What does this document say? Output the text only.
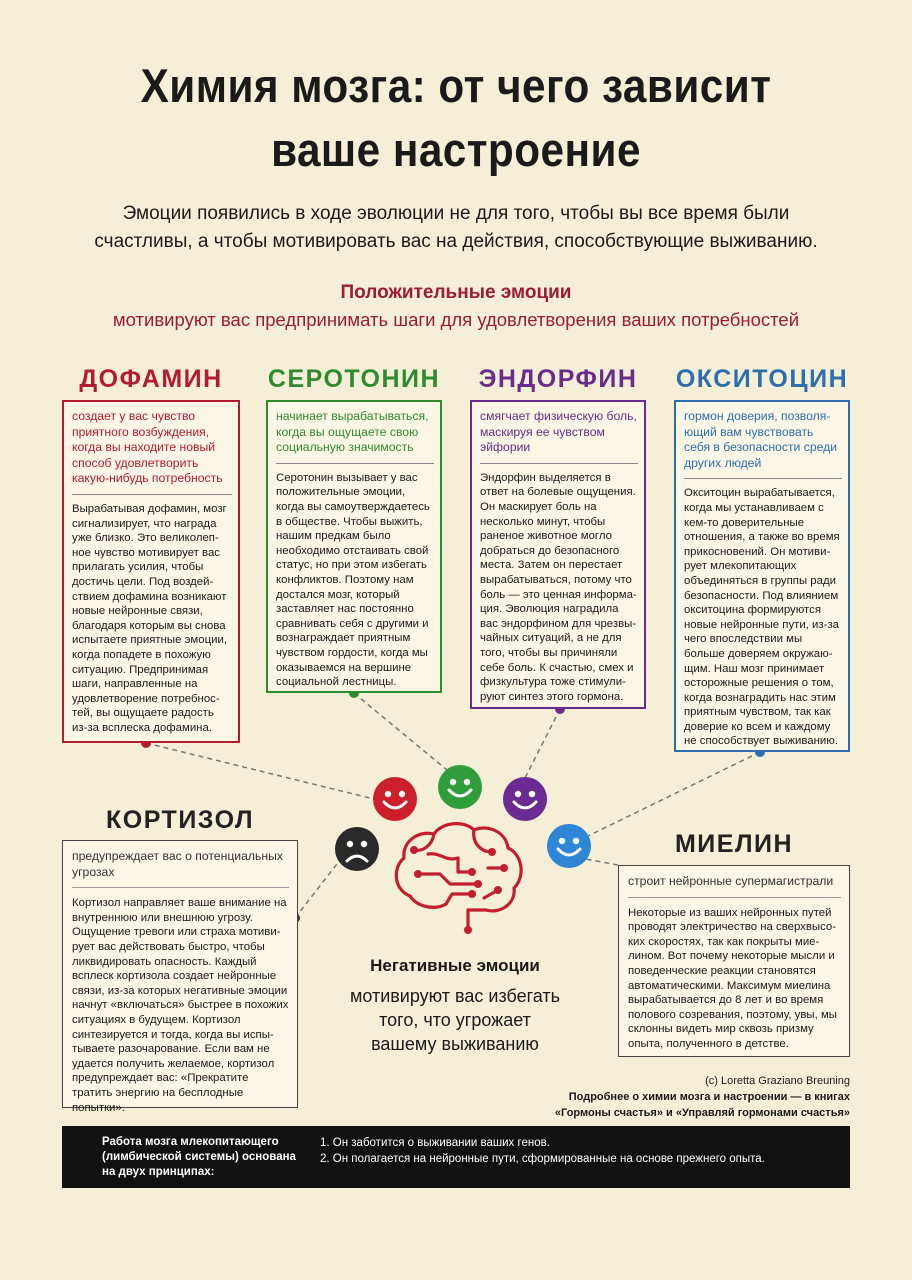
Химия мозга: от чего зависит
ваше настроение
Эмоции появились в ходе эволюции не для того, чтобы вы все время были
счастливы, а чтобы мотивировать вас на действия, способствующие выживанию.
Положительные эмоции
мотивируют вас предпринимать шаги для удовлетворения ваших потребностей
ДОФАМИН	СЕРОТОНИН	ЭНДОРФИН	ОКСИТОЦИН
создает у вас чувство приятного возбуждения, когда вы находите новый способ удовлетворить какую-нибудь потребность
Вырабатывая дофамин, мозг сигнализирует, что награда уже близко. Это великолеп-ное чувство мотивирует вас прилагать усилия, чтобы достичь цели. Под воздей-ствием дофамина возникают новые нейронные связи, благодаря которым вы снова испытаете приятные эмоции, когда попадете в похожую ситуацию. Предпринимая шаги, направленные на удовлетворение потребнос-тей, вы ощущаете радость из-за всплеска дофамина.
начинает вырабатываться, когда вы ощущаете свою социальную значимость
Серотонин вызывает у вас положительные эмоции, когда вы самоутверждаетесь в обществе. Чтобы выжить, нашим предкам было необходимо отстаивать свой статус, но при этом избегать конфликтов. Поэтому нам достался мозг, который заставляет нас постоянно сравнивать себя с другими и вознаграждает приятным чувством гордости, когда мы оказываемся на вершине социальной лестницы.
смягчает физическую боль, маскируя ее чувством эйфории
Эндорфин выделяется в ответ на болевые ощущения. Он маскирует боль на несколько минут, чтобы раненое животное могло добраться до безопасного места. Затем он перестает вырабатываться, потому что боль — это ценная информа-ция. Эволюция наградила вас эндорфином для чрезвы-чайных ситуаций, а не для того, чтобы вы причиняли себе боль. К счастью, смех и физкультура тоже стимули-руют синтез этого гормона.
гормон доверия, позволя-ющий вам чувствовать себя в безопасности среди других людей
Окситоцин вырабатывается, когда мы устанавливаем с кем-то доверительные отношения, а также во время прикосновений. Он мотиви-рует млекопитающих объединяться в группы ради безопасности. Под влиянием окситоцина формируются новые нейронные пути, из-за чего впоследствии мы больше доверяем окружаю-щим. Наш мозг принимает осторожные решения о том, когда вознаградить нас этим приятным чувством, так как доверие ко всем и каждому не способствует выживанию.
КОРТИЗОЛ
предупреждает вас о потенциальных угрозах
Кортизол направляет ваше внимание на внутреннюю или внешнюю угрозу. Ощущение тревоги или страха мотиви-рует вас действовать быстро, чтобы ликвидировать опасность. Каждый всплеск кортизола создает нейронные связи, из-за которых негативные эмоции начнут «включаться» быстрее в похожих ситуациях в будущем. Кортизол синтезируется и тогда, когда вы испы-тываете разочарование. Если вам не удается получить желаемое, кортизол предупреждает вас: «Прекратите тратить энергию на бесплодные попытки».
МИЕЛИН
строит нейронные супермагистрали
Некоторые из ваших нейронных путей проводят электричество на сверхвысо-ких скоростях, так как покрыты мие-лином. Вот почему некоторые мысли и поведенческие реакции становятся автоматическими. Максимум миелина вырабатывается до 8 лет и во время полового созревания, поэтому, увы, мы склонны видеть мир сквозь призму опыта, полученного в детстве.
Негативные эмоции
мотивируют вас избегать
того, что угрожает
вашему выживанию
(c) Loretta Graziano Breuning
Подробнее о химии мозга и настроении — в книгах
«Гормоны счастья» и «Управляй гормонами счастья»
Работа мозга млекопитающего (лимбической системы) основана на двух принципах:
1. Он заботится о выживании ваших генов.
2. Он полагается на нейронные пути, сформированные на основе прежнего опыта.
